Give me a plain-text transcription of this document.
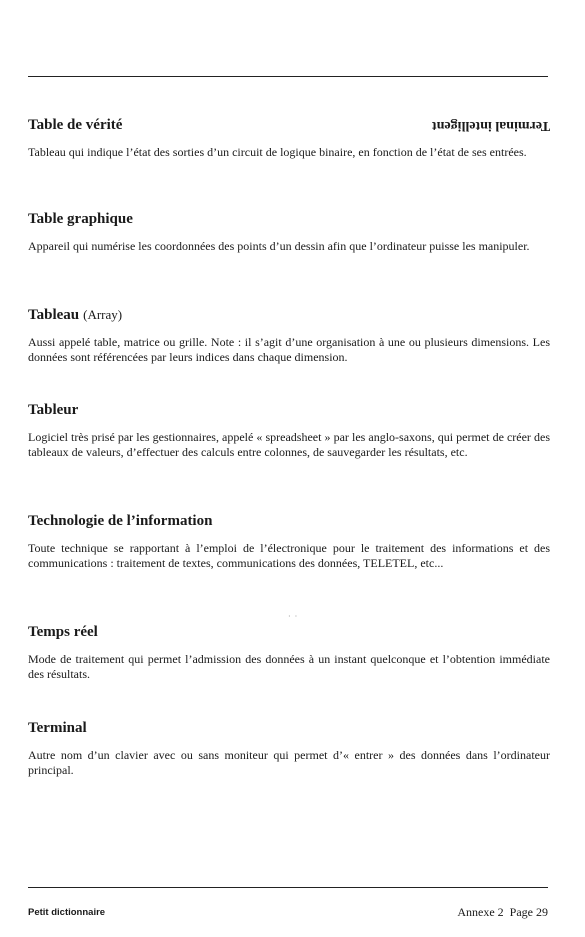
Table de vérité	Terminal intelligent
Tableau qui indique l’état des sorties d’un circuit de logique binaire, en fonction de l’état de ses entrées.
Table graphique
Appareil qui numérise les coordonnées des points d’un dessin afin que l’ordinateur puisse les manipuler.
Tableau (Array)
Aussi appelé table, matrice ou grille. Note : il s’agit d’une organisation à une ou plusieurs dimensions. Les données sont référencées par leurs indices dans chaque dimension.
Tableur
Logiciel très prisé par les gestionnaires, appelé « spreadsheet » par les anglo-saxons, qui permet de créer des tableaux de valeurs, d’effectuer des calculs entre colonnes, de sauvegarder les résultats, etc.
Technologie de l’information
Toute technique se rapportant à l’emploi de l’électronique pour le traitement des informations et des communications : traitement de textes, communications des données, TELETEL, etc...
· ·
Temps réel
Mode de traitement qui permet l’admission des données à un instant quelconque et l’obtention immédiate des résultats.
Terminal
Autre nom d’un clavier avec ou sans moniteur qui permet d’« entrer » des données dans l’ordinateur principal.
Petit dictionnaire	Annexe 2  Page 29
